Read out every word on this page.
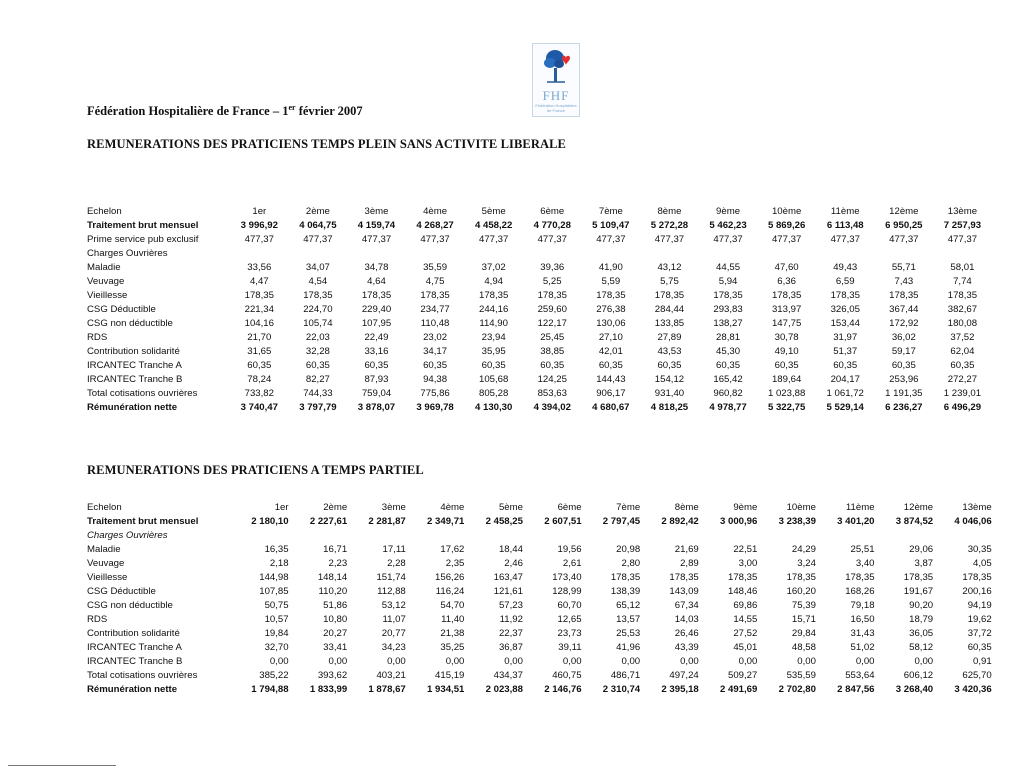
FHF
Fédération Hospitalière de France
Fédération Hospitalière de France – 1er février 2007
REMUNERATIONS DES PRATICIENS TEMPS PLEIN SANS ACTIVITE LIBERALE
Echelon	1er	2ème	3ème	4ème	5ème	6ème	7ème	8ème	9ème	10ème	11ème	12ème	13ème
Traitement brut mensuel	3 996,92	4 064,75	4 159,74	4 268,27	4 458,22	4 770,28	5 109,47	5 272,28	5 462,23	5 869,26	6 113,48	6 950,25	7 257,93
Prime service pub exclusif	477,37	477,37	477,37	477,37	477,37	477,37	477,37	477,37	477,37	477,37	477,37	477,37	477,37
Charges Ouvrières													
Maladie	33,56	34,07	34,78	35,59	37,02	39,36	41,90	43,12	44,55	47,60	49,43	55,71	58,01
Veuvage	4,47	4,54	4,64	4,75	4,94	5,25	5,59	5,75	5,94	6,36	6,59	7,43	7,74
Vieillesse	178,35	178,35	178,35	178,35	178,35	178,35	178,35	178,35	178,35	178,35	178,35	178,35	178,35
CSG Déductible	221,34	224,70	229,40	234,77	244,16	259,60	276,38	284,44	293,83	313,97	326,05	367,44	382,67
CSG non déductible	104,16	105,74	107,95	110,48	114,90	122,17	130,06	133,85	138,27	147,75	153,44	172,92	180,08
RDS	21,70	22,03	22,49	23,02	23,94	25,45	27,10	27,89	28,81	30,78	31,97	36,02	37,52
Contribution solidarité	31,65	32,28	33,16	34,17	35,95	38,85	42,01	43,53	45,30	49,10	51,37	59,17	62,04
IRCANTEC Tranche A	60,35	60,35	60,35	60,35	60,35	60,35	60,35	60,35	60,35	60,35	60,35	60,35	60,35
IRCANTEC Tranche B	78,24	82,27	87,93	94,38	105,68	124,25	144,43	154,12	165,42	189,64	204,17	253,96	272,27
Total cotisations ouvrières	733,82	744,33	759,04	775,86	805,28	853,63	906,17	931,40	960,82	1 023,88	1 061,72	1 191,35	1 239,01
Rémunération nette	3 740,47	3 797,79	3 878,07	3 969,78	4 130,30	4 394,02	4 680,67	4 818,25	4 978,77	5 322,75	5 529,14	6 236,27	6 496,29
REMUNERATIONS DES PRATICIENS A TEMPS PARTIEL
Echelon	1er	2ème	3ème	4ème	5ème	6ème	7ème	8ème	9ème	10ème	11ème	12ème	13ème
Traitement brut mensuel	2 180,10	2 227,61	2 281,87	2 349,71	2 458,25	2 607,51	2 797,45	2 892,42	3 000,96	3 238,39	3 401,20	3 874,52	4 046,06
Charges Ouvrières													
Maladie	16,35	16,71	17,11	17,62	18,44	19,56	20,98	21,69	22,51	24,29	25,51	29,06	30,35
Veuvage	2,18	2,23	2,28	2,35	2,46	2,61	2,80	2,89	3,00	3,24	3,40	3,87	4,05
Vieillesse	144,98	148,14	151,74	156,26	163,47	173,40	178,35	178,35	178,35	178,35	178,35	178,35	178,35
CSG Déductible	107,85	110,20	112,88	116,24	121,61	128,99	138,39	143,09	148,46	160,20	168,26	191,67	200,16
CSG non déductible	50,75	51,86	53,12	54,70	57,23	60,70	65,12	67,34	69,86	75,39	79,18	90,20	94,19
RDS	10,57	10,80	11,07	11,40	11,92	12,65	13,57	14,03	14,55	15,71	16,50	18,79	19,62
Contribution solidarité	19,84	20,27	20,77	21,38	22,37	23,73	25,53	26,46	27,52	29,84	31,43	36,05	37,72
IRCANTEC Tranche A	32,70	33,41	34,23	35,25	36,87	39,11	41,96	43,39	45,01	48,58	51,02	58,12	60,35
IRCANTEC Tranche B	0,00	0,00	0,00	0,00	0,00	0,00	0,00	0,00	0,00	0,00	0,00	0,00	0,91
Total cotisations ouvrières	385,22	393,62	403,21	415,19	434,37	460,75	486,71	497,24	509,27	535,59	553,64	606,12	625,70
Rémunération nette	1 794,88	1 833,99	1 878,67	1 934,51	2 023,88	2 146,76	2 310,74	2 395,18	2 491,69	2 702,80	2 847,56	3 268,40	3 420,36
